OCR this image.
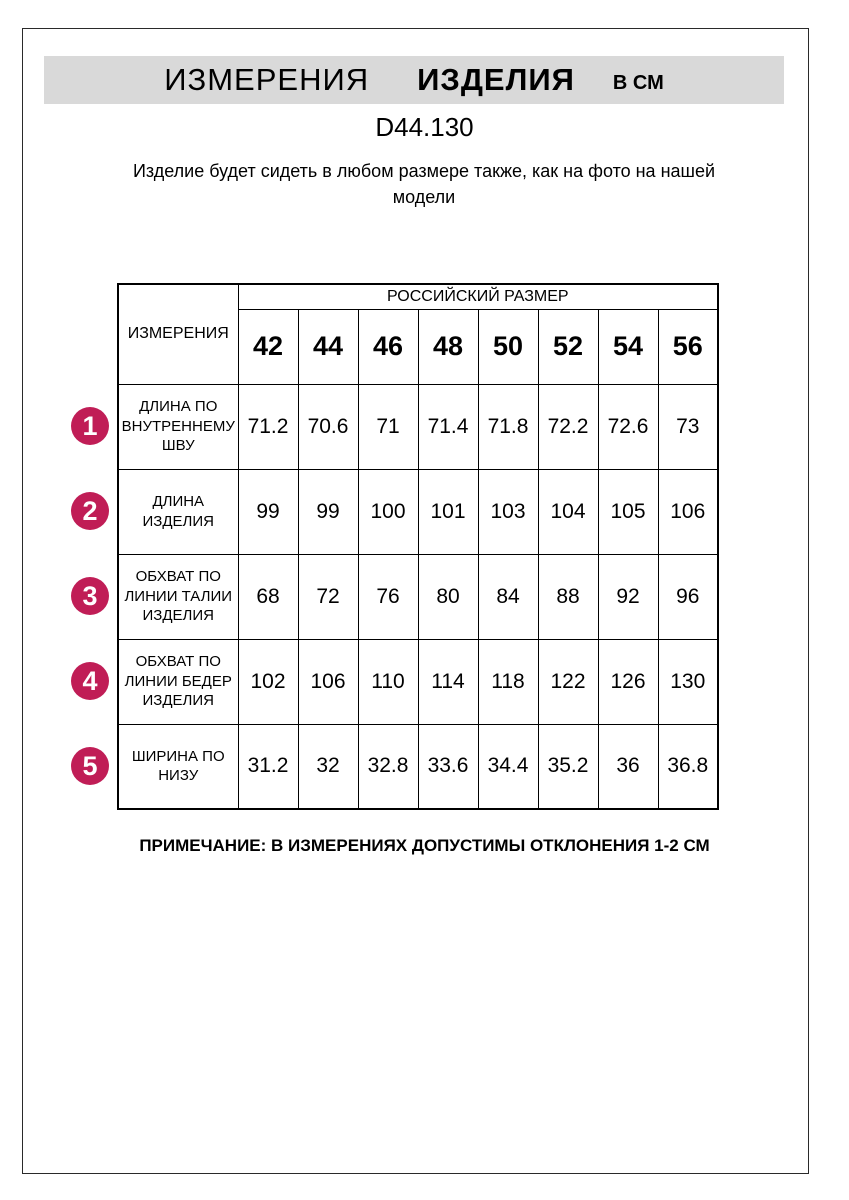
ИЗМЕРЕНИЯ ИЗДЕЛИЯ В СМ
D44.130
Изделие будет сидеть в любом размере также, как на фото на нашей модели
ИЗМЕРЕНИЯ	РОССИЙСКИЙ РАЗМЕР							
	42	44	46	48	50	52	54	56
ДЛИНА ПО ВНУТРЕННЕМУ ШВУ	71.2	70.6	71	71.4	71.8	72.2	72.6	73
ДЛИНА ИЗДЕЛИЯ	99	99	100	101	103	104	105	106
ОБХВАТ ПО ЛИНИИ ТАЛИИ ИЗДЕЛИЯ	68	72	76	80	84	88	92	96
ОБХВАТ ПО ЛИНИИ БЕДЕР ИЗДЕЛИЯ	102	106	110	114	118	122	126	130
ШИРИНА ПО НИЗУ	31.2	32	32.8	33.6	34.4	35.2	36	36.8
1
2
3
4
5
ПРИМЕЧАНИЕ: В ИЗМЕРЕНИЯХ ДОПУСТИМЫ ОТКЛОНЕНИЯ 1-2 СМ
